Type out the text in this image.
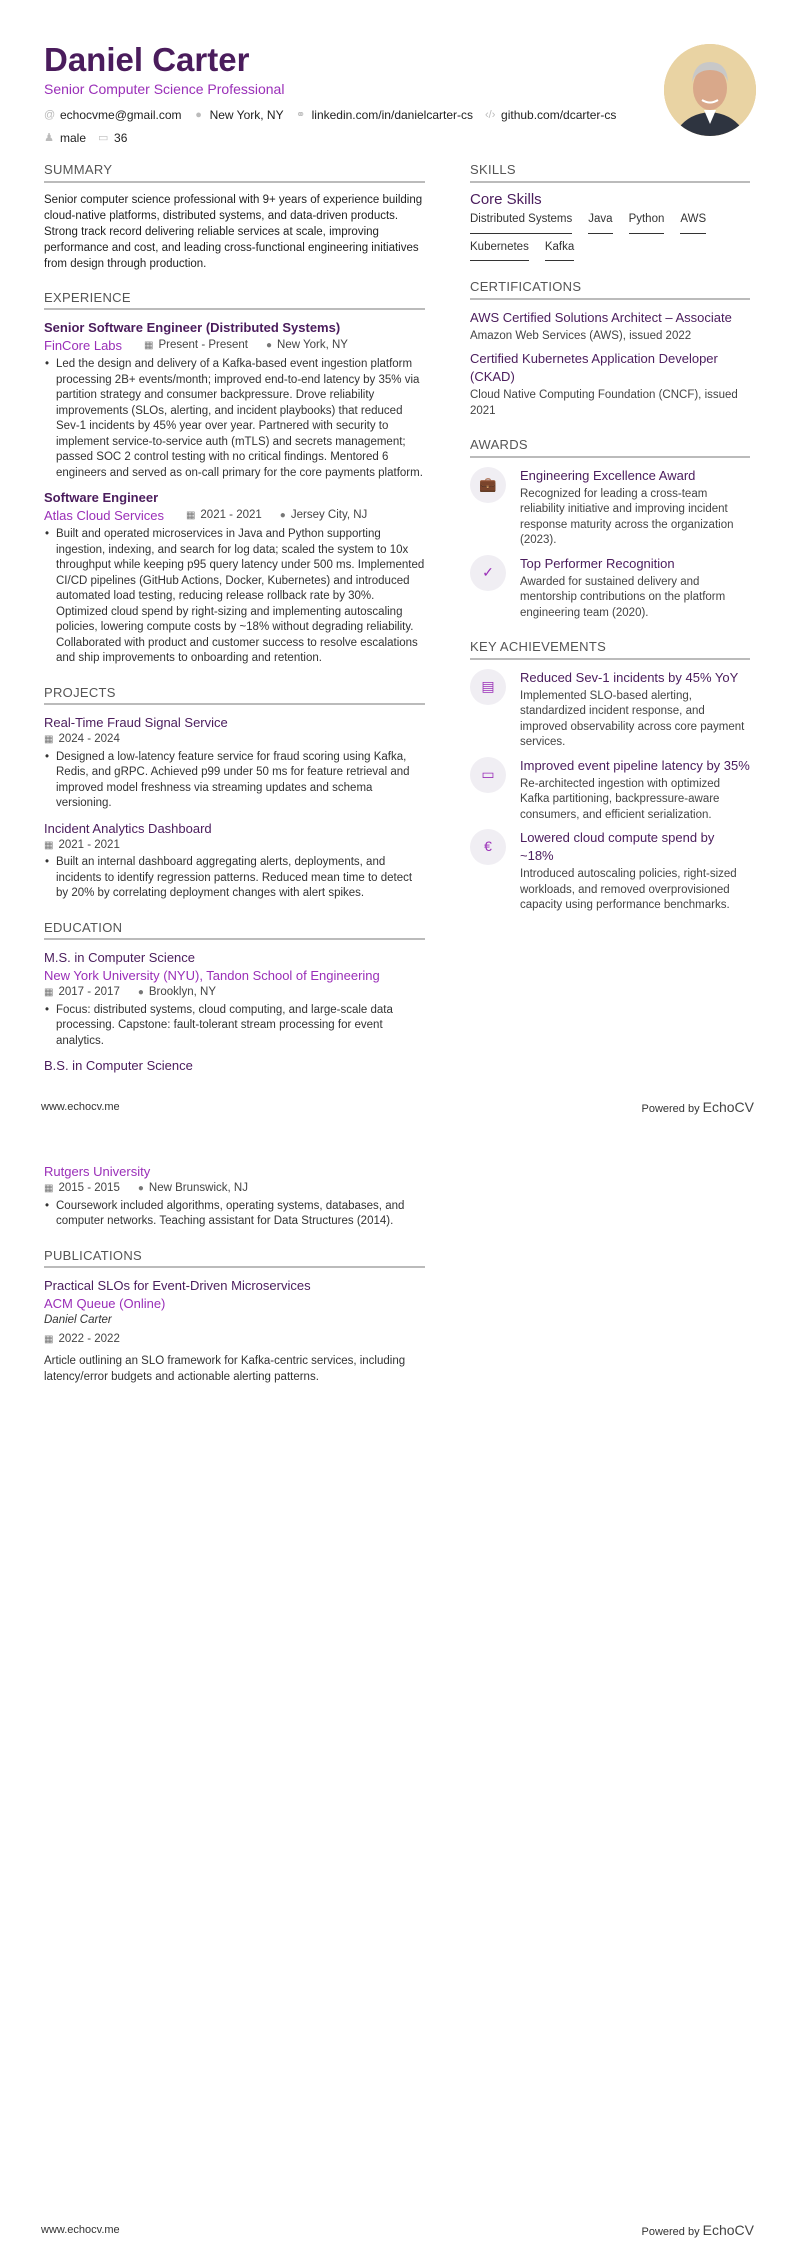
Daniel Carter
Senior Computer Science Professional
@ echocvme@gmail.com ● New York, NY ⚭ linkedin.com/in/danielcarter-cs ‹/› github.com/dcarter-cs
♟ male ▭ 36
SUMMARY
Senior computer science professional with 9+ years of experience building cloud-native platforms, distributed systems, and data-driven products. Strong track record delivering reliable services at scale, improving performance and cost, and leading cross-functional engineering initiatives from design through production.
EXPERIENCE
Senior Software Engineer (Distributed Systems)
FinCore Labs ▦ Present - Present ● New York, NY
• Led the design and delivery of a Kafka-based event ingestion platform processing 2B+ events/month; improved end-to-end latency by 35% via partition strategy and consumer backpressure. Drove reliability improvements (SLOs, alerting, and incident playbooks) that reduced Sev-1 incidents by 45% year over year. Partnered with security to implement service-to-service auth (mTLS) and secrets management; passed SOC 2 control testing with no critical findings. Mentored 6 engineers and served as on-call primary for the core payments platform.
Software Engineer
Atlas Cloud Services ▦ 2021 - 2021 ● Jersey City, NJ
• Built and operated microservices in Java and Python supporting ingestion, indexing, and search for log data; scaled the system to 10x throughput while keeping p95 query latency under 500 ms. Implemented CI/CD pipelines (GitHub Actions, Docker, Kubernetes) and introduced automated load testing, reducing release rollback rate by 30%. Optimized cloud spend by right-sizing and implementing autoscaling policies, lowering compute costs by ~18% without degrading reliability. Collaborated with product and customer success to resolve escalations and ship improvements to onboarding and retention.
PROJECTS
Real-Time Fraud Signal Service
▦ 2024 - 2024
• Designed a low-latency feature service for fraud scoring using Kafka, Redis, and gRPC. Achieved p99 under 50 ms for feature retrieval and improved model freshness via streaming updates and schema versioning.
Incident Analytics Dashboard
▦ 2021 - 2021
• Built an internal dashboard aggregating alerts, deployments, and incidents to identify regression patterns. Reduced mean time to detect by 20% by correlating deployment changes with alert spikes.
EDUCATION
M.S. in Computer Science
New York University (NYU), Tandon School of Engineering
▦ 2017 - 2017 ● Brooklyn, NY
• Focus: distributed systems, cloud computing, and large-scale data processing. Capstone: fault-tolerant stream processing for event analytics.
B.S. in Computer Science
SKILLS
Core Skills
Distributed Systems Java Python AWS
Kubernetes Kafka
CERTIFICATIONS
AWS Certified Solutions Architect – Associate
Amazon Web Services (AWS), issued 2022
Certified Kubernetes Application Developer (CKAD)
Cloud Native Computing Foundation (CNCF), issued 2021
AWARDS
💼
Engineering Excellence Award
Recognized for leading a cross-team reliability initiative and improving incident response maturity across the organization (2023).
✓
Top Performer Recognition
Awarded for sustained delivery and mentorship contributions on the platform engineering team (2020).
KEY ACHIEVEMENTS
▤
Reduced Sev-1 incidents by 45% YoY
Implemented SLO-based alerting, standardized incident response, and improved observability across core payment services.
▭
Improved event pipeline latency by 35%
Re-architected ingestion with optimized Kafka partitioning, backpressure-aware consumers, and efficient serialization.
€
Lowered cloud compute spend by ~18%
Introduced autoscaling policies, right-sized workloads, and removed overprovisioned capacity using performance benchmarks.
www.echocv.me	Powered by EchoCV
Rutgers University
▦ 2015 - 2015 ● New Brunswick, NJ
• Coursework included algorithms, operating systems, databases, and computer networks. Teaching assistant for Data Structures (2014).
PUBLICATIONS
Practical SLOs for Event-Driven Microservices
ACM Queue (Online)
Daniel Carter
▦ 2022 - 2022
Article outlining an SLO framework for Kafka-centric services, including latency/error budgets and actionable alerting patterns.
www.echocv.me	Powered by EchoCV
